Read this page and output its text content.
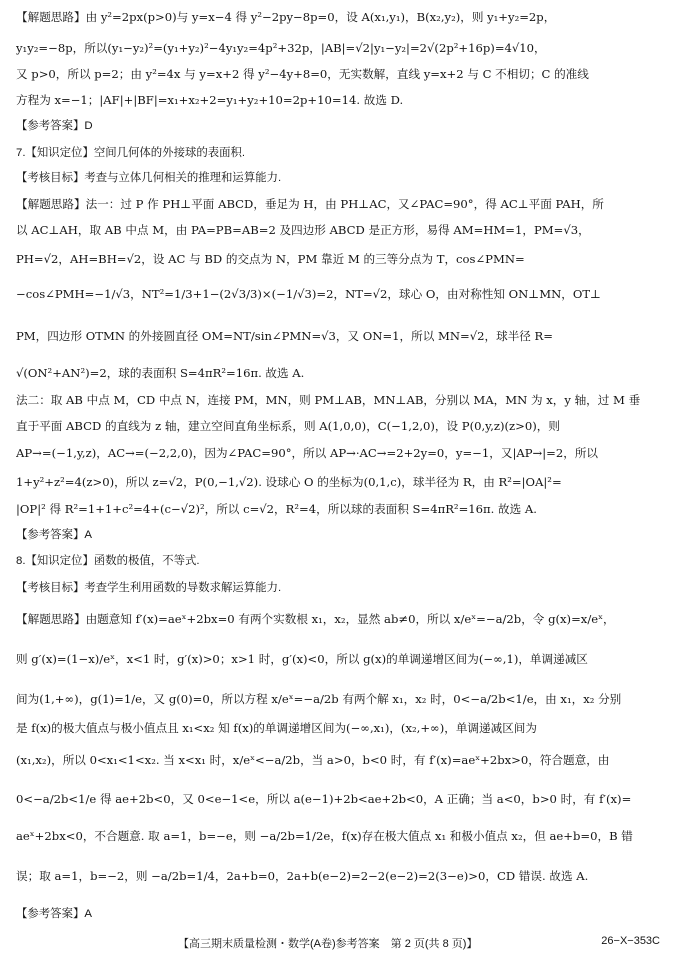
【解题思路】由 y²=2px(p>0)与 y=x−4 得 y²−2py−8p=0，设 A(x₁,y₁)，B(x₂,y₂)，则 y₁+y₂=2p，
y₁y₂=−8p，所以(y₁−y₂)²=(y₁+y₂)²−4y₁y₂=4p²+32p，|AB|=√2|y₁−y₂|=2√(2p²+16p)=4√10，
又 p>0，所以 p=2；由 y²=4x 与 y=x+2 得 y²−4y+8=0，无实数解，直线 y=x+2 与 C 不相切；C 的准线
方程为 x=−1；|AF|+|BF|=x₁+x₂+2=y₁+y₂+10=2p+10=14. 故选 D.
【参考答案】D
7.【知识定位】空间几何体的外接球的表面积.
【考核目标】考查与立体几何相关的推理和运算能力.
【解题思路】法一：过 P 作 PH⊥平面 ABCD，垂足为 H，由 PH⊥AC，又∠PAC=90°，得 AC⊥平面 PAH，所
以 AC⊥AH，取 AB 中点 M，由 PA=PB=AB=2 及四边形 ABCD 是正方形，易得 AM=HM=1，PM=√3，
PH=√2，AH=BH=√2，设 AC 与 BD 的交点为 N，PM 靠近 M 的三等分点为 T，cos∠PMN=
−cos∠PMH=−1/√3，NT²=1/3+1−(2√3/3)×(−1/√3)=2，NT=√2，球心 O，由对称性知 ON⊥MN，OT⊥
PM，四边形 OTMN 的外接圆直径 OM=NT/sin∠PMN=√3，又 ON=1，所以 MN=√2，球半径 R=
√(ON²+AN²)=2，球的表面积 S=4πR²=16π. 故选 A.
法二：取 AB 中点 M，CD 中点 N，连接 PM，MN，则 PM⊥AB，MN⊥AB，分别以 MA，MN 为 x，y 轴，过 M 垂
直于平面 ABCD 的直线为 z 轴，建立空间直角坐标系，则 A(1,0,0)，C(−1,2,0)，设 P(0,y,z)(z>0)，则
AP→=(−1,y,z)，AC→=(−2,2,0)，因为∠PAC=90°，所以 AP→·AC→=2+2y=0，y=−1，又|AP→|=2，所以
1+y²+z²=4(z>0)，所以 z=√2，P(0,−1,√2). 设球心 O 的坐标为(0,1,c)，球半径为 R，由 R²=|OA|²=
|OP|² 得 R²=1+1+c²=4+(c−√2)²，所以 c=√2，R²=4，所以球的表面积 S=4πR²=16π. 故选 A.
【参考答案】A
8.【知识定位】函数的极值，不等式.
【考核目标】考查学生利用函数的导数求解运算能力.
【解题思路】由题意知 f′(x)=aeˣ+2bx=0 有两个实数根 x₁，x₂，显然 ab≠0，所以 x/eˣ=−a/2b，令 g(x)=x/eˣ，
则 g′(x)=(1−x)/eˣ，x<1 时，g′(x)>0；x>1 时，g′(x)<0，所以 g(x)的单调递增区间为(−∞,1)，单调递减区
间为(1,+∞)，g(1)=1/e，又 g(0)=0，所以方程 x/eˣ=−a/2b 有两个解 x₁，x₂ 时，0<−a/2b<1/e，由 x₁，x₂ 分别
是 f(x)的极大值点与极小值点且 x₁<x₂ 知 f(x)的单调递增区间为(−∞,x₁)，(x₂,+∞)，单调递减区间为
(x₁,x₂)，所以 0<x₁<1<x₂. 当 x<x₁ 时，x/eˣ<−a/2b，当 a>0，b<0 时，有 f′(x)=aeˣ+2bx>0，符合题意，由
0<−a/2b<1/e 得 ae+2b<0，又 0<e−1<e，所以 a(e−1)+2b<ae+2b<0，A 正确；当 a<0，b>0 时，有 f′(x)=
aeˣ+2bx<0，不合题意. 取 a=1，b=−e，则 −a/2b=1/2e，f(x)存在极大值点 x₁ 和极小值点 x₂，但 ae+b=0，B 错
误；取 a=1，b=−2，则 −a/2b=1/4，2a+b=0，2a+b(e−2)=2−2(e−2)=2(3−e)>0，CD 错误. 故选 A.
【参考答案】A
【高三期末质量检测・数学(A卷)参考答案　第 2 页(共 8 页)】	26−X−353C
